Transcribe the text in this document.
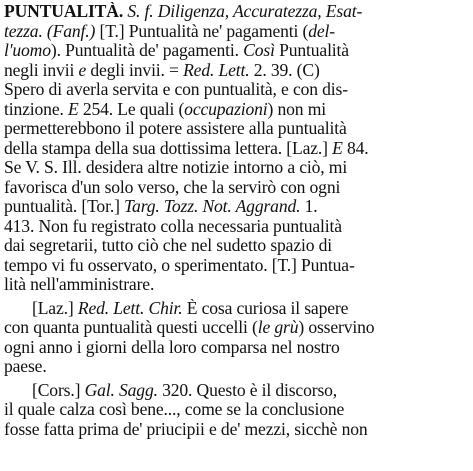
PUNTUALITÀ. S. f. Diligenza, Accuratezza, Esat-
tezza. (Fanf.) [T.] Puntualità ne' pagamenti (del-
l'uomo). Puntualità de' pagamenti. Così Puntualità
negli invii e degli invii. = Red. Lett. 2. 39. (C)
Spero di averla servita e con puntualità, e con dis-
tinzione. E 254. Le quali (occupazioni) non mi
permetterebbono il potere assistere alla puntualità
della stampa della sua dottissima lettera. [Laz.] E 84.
Se V. S. Ill. desidera altre notizie intorno a ciò, mi
favorisca d'un solo verso, che la servirò con ogni
puntualità. [Tor.] Targ. Tozz. Not. Aggrand. 1.
413. Non fu registrato colla necessaria puntualità
dai segretarii, tutto ciò che nel sudetto spazio di
tempo vi fu osservato, o sperimentato. [T.] Puntua-
lità nell'amministrare.
[Laz.] Red. Lett. Chir. È cosa curiosa il sapere
con quanta puntualità questi uccelli (le grù) osservino
ogni anno i giorni della loro comparsa nel nostro
paese.
[Cors.] Gal. Sagg. 320. Questo è il discorso,
il quale calza così bene..., come se la conclusione
fosse fatta prima de' priucipii e de' mezzi, sicchè non
